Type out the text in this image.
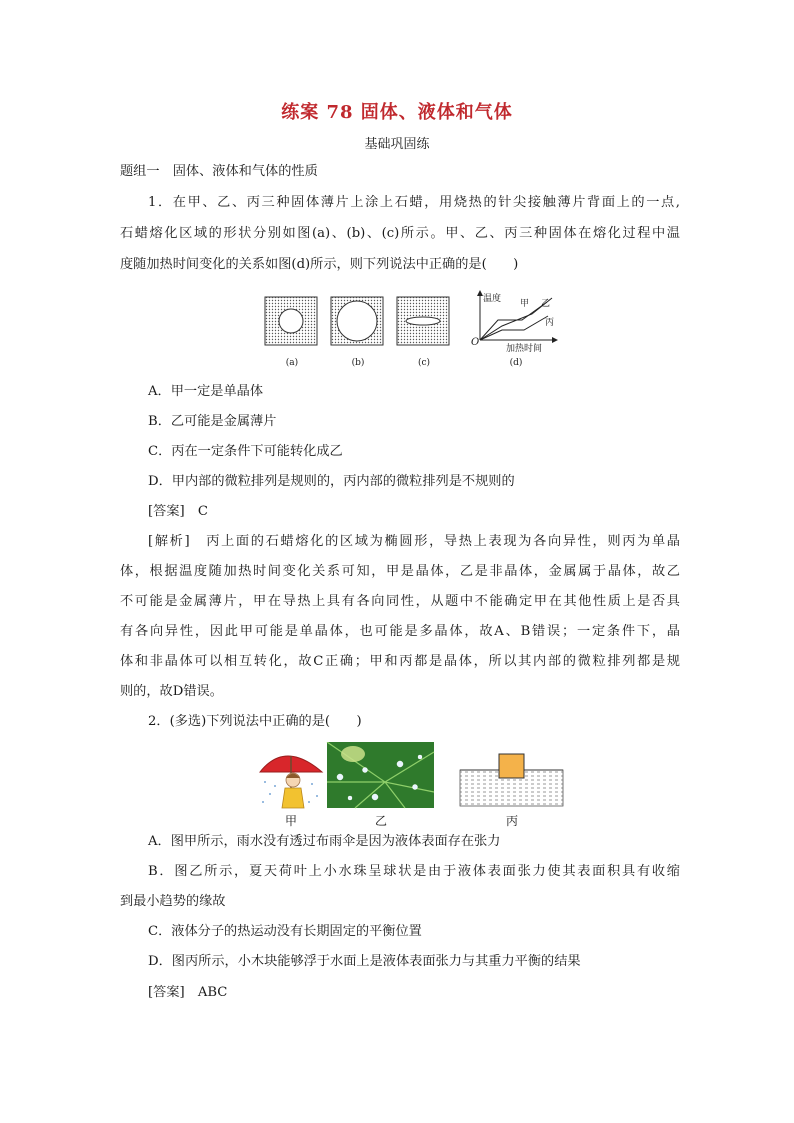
练案 78 固体、液体和气体
基础巩固练
题组一　固体、液体和气体的性质
1．在甲、乙、丙三种固体薄片上涂上石蜡，用烧热的针尖接触薄片背面上的一点,
石蜡熔化区域的形状分别如图(a)、(b)、(c)所示。甲、乙、丙三种固体在熔化过程中温
度随加热时间变化的关系如图(d)所示，则下列说法中正确的是(　　)
(a)	(b)	(c)	(d)
温度
加热时间
O
甲 乙
丙
A．甲一定是单晶体
B．乙可能是金属薄片
C．丙在一定条件下可能转化成乙
D．甲内部的微粒排列是规则的，丙内部的微粒排列是不规则的
[答案]　C
[解析]　丙上面的石蜡熔化的区域为椭圆形，导热上表现为各向异性，则丙为单晶
体，根据温度随加热时间变化关系可知，甲是晶体，乙是非晶体，金属属于晶体，故乙
不可能是金属薄片，甲在导热上具有各向同性，从题中不能确定甲在其他性质上是否具
有各向异性，因此甲可能是单晶体，也可能是多晶体，故A、B错误；一定条件下，晶
体和非晶体可以相互转化，故C正确；甲和丙都是晶体，所以其内部的微粒排列都是规
则的，故D错误。
2．(多选)下列说法中正确的是(　　)
甲	乙	丙
A．图甲所示，雨水没有透过布雨伞是因为液体表面存在张力
B．图乙所示，夏天荷叶上小水珠呈球状是由于液体表面张力使其表面积具有收缩
到最小趋势的缘故
C．液体分子的热运动没有长期固定的平衡位置
D．图丙所示，小木块能够浮于水面上是液体表面张力与其重力平衡的结果
[答案]　ABC
